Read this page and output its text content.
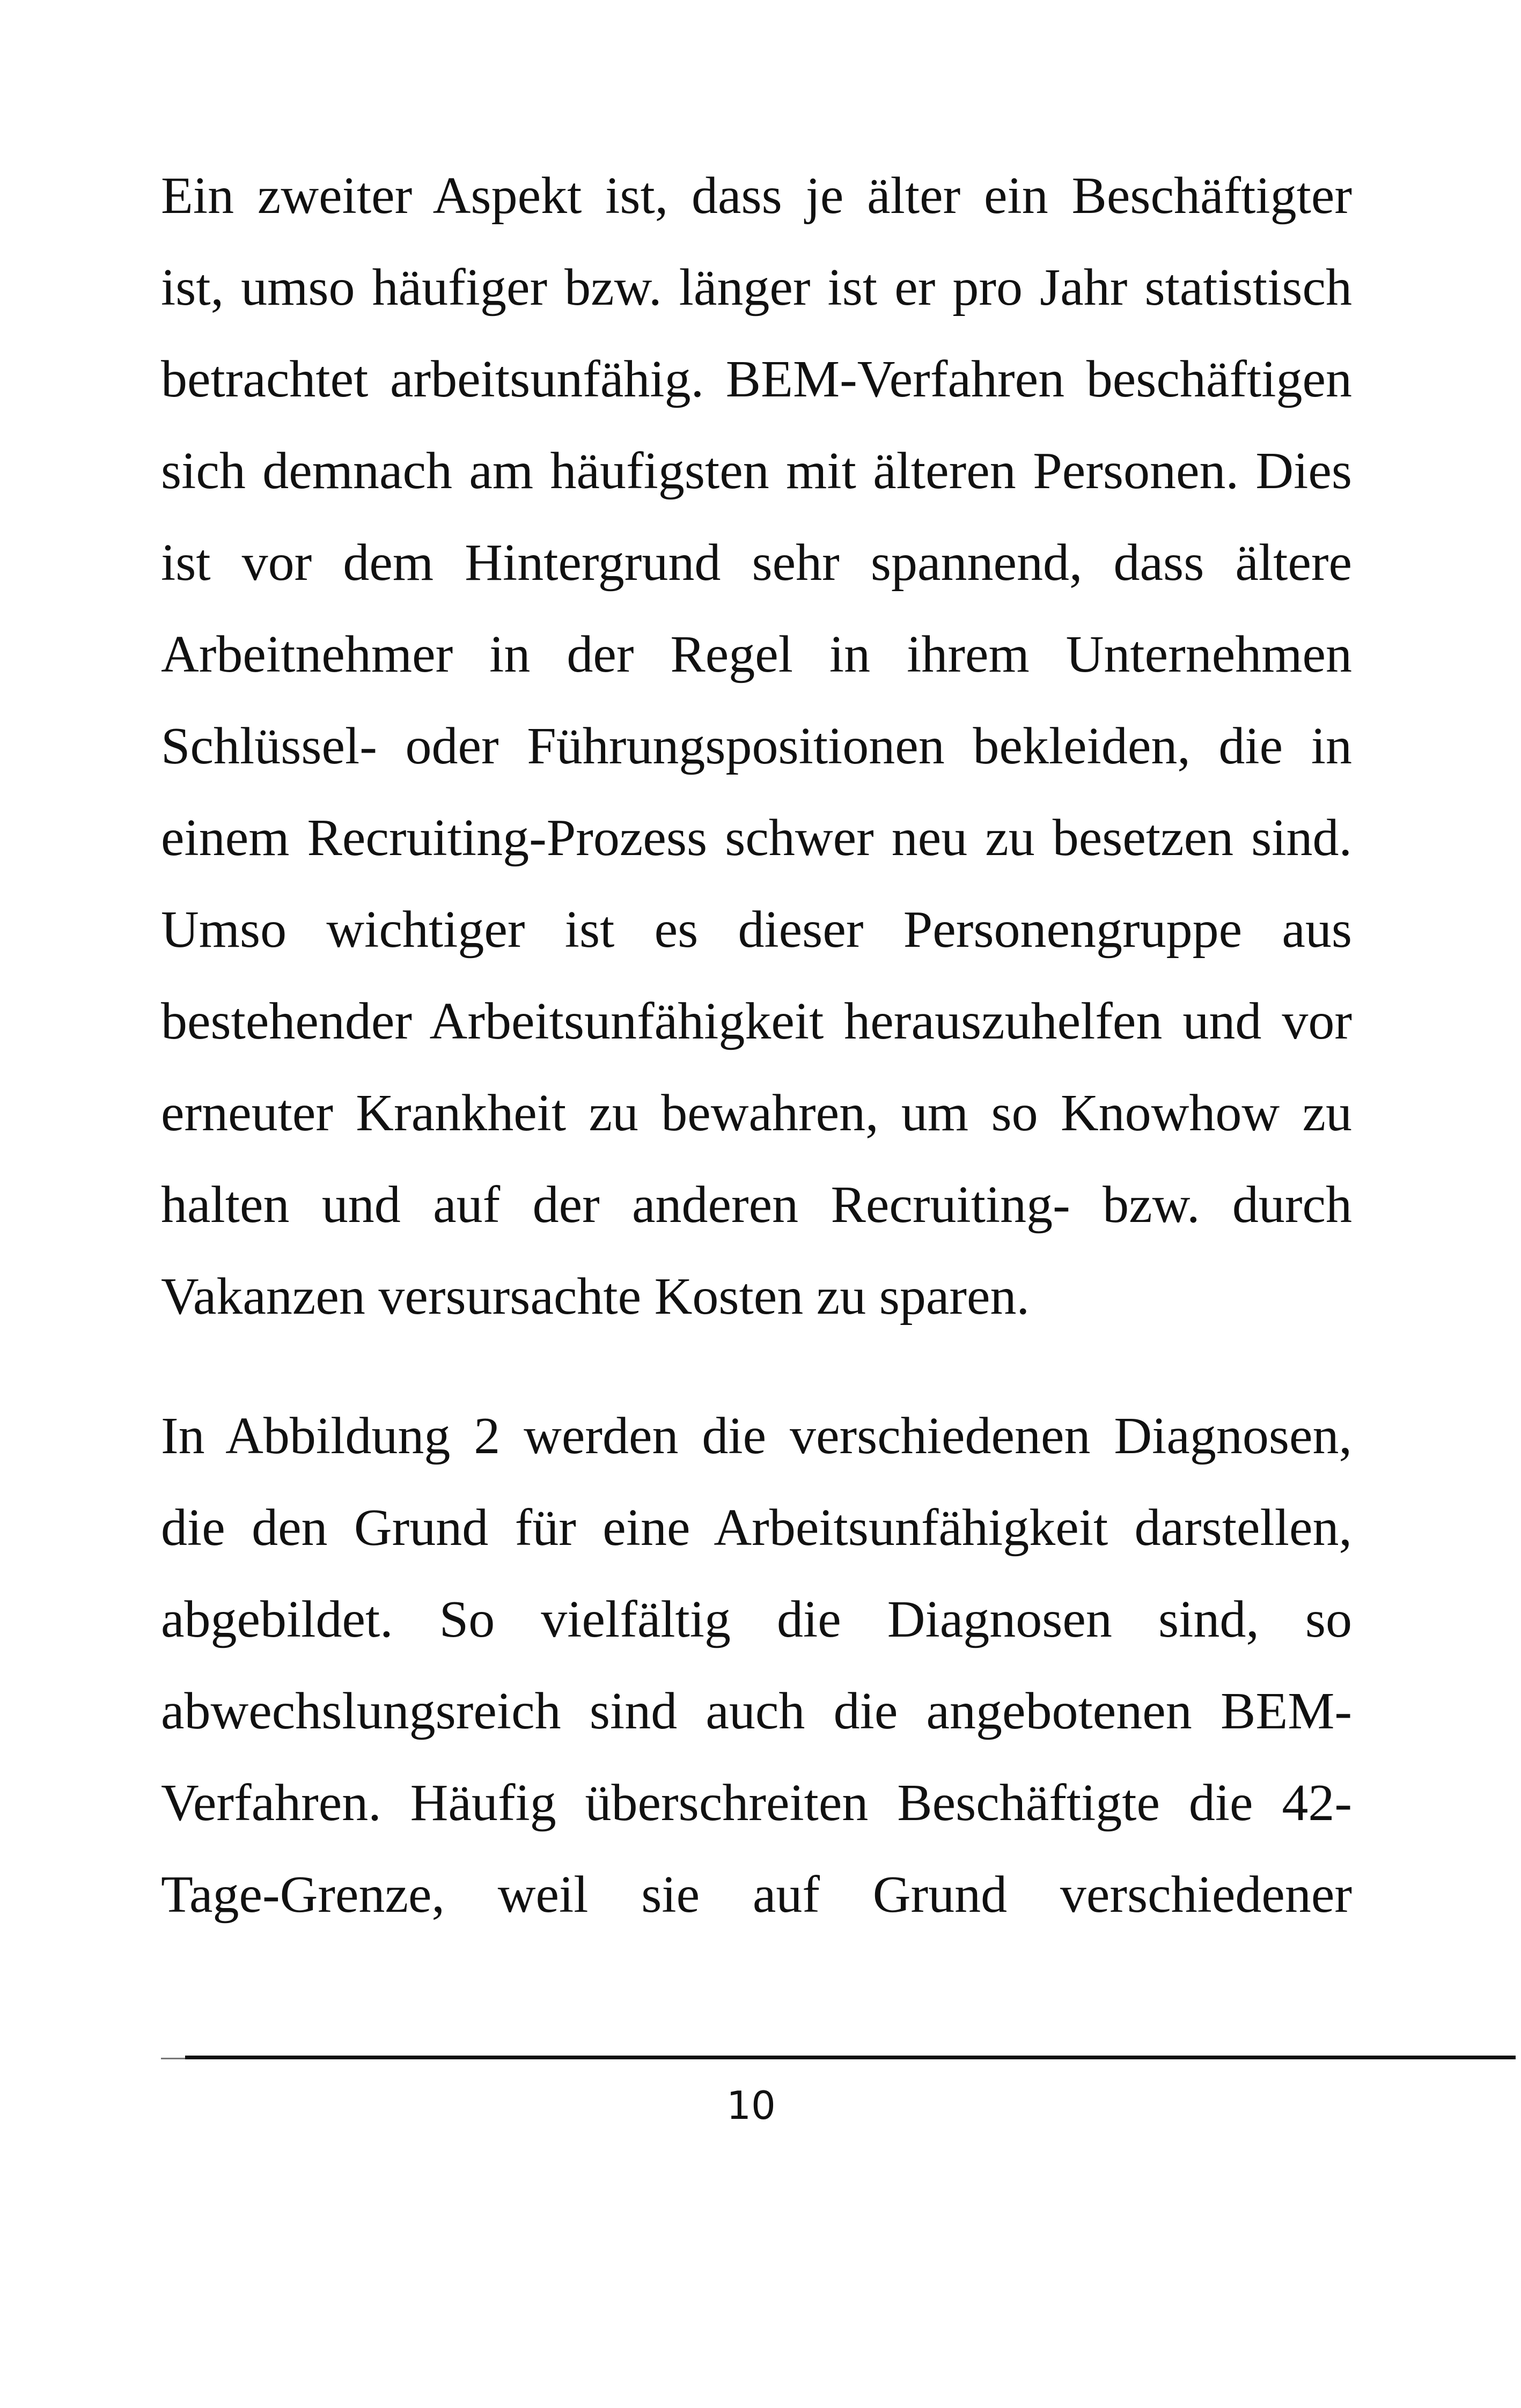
Ein zweiter Aspekt ist, dass je älter ein Beschäftigter
ist, umso häufiger bzw. länger ist er pro Jahr statistisch
betrachtet arbeitsunfähig. BEM-Verfahren beschäftigen
sich demnach am häufigsten mit älteren Personen. Dies
ist vor dem Hintergrund sehr spannend, dass ältere
Arbeitnehmer in der Regel in ihrem Unternehmen
Schlüssel- oder Führungspositionen bekleiden, die in
einem Recruiting-Prozess schwer neu zu besetzen sind.
Umso wichtiger ist es dieser Personengruppe aus
bestehender Arbeitsunfähigkeit herauszuhelfen und vor
erneuter Krankheit zu bewahren, um so Knowhow zu
halten und auf der anderen Recruiting- bzw. durch
Vakanzen versursachte Kosten zu sparen.
In Abbildung 2 werden die verschiedenen Diagnosen,
die den Grund für eine Arbeitsunfähigkeit darstellen,
abgebildet. So vielfältig die Diagnosen sind, so
abwechslungsreich sind auch die angebotenen BEM-
Verfahren. Häufig überschreiten Beschäftigte die 42-
Tage-Grenze, weil sie auf Grund verschiedener
10
